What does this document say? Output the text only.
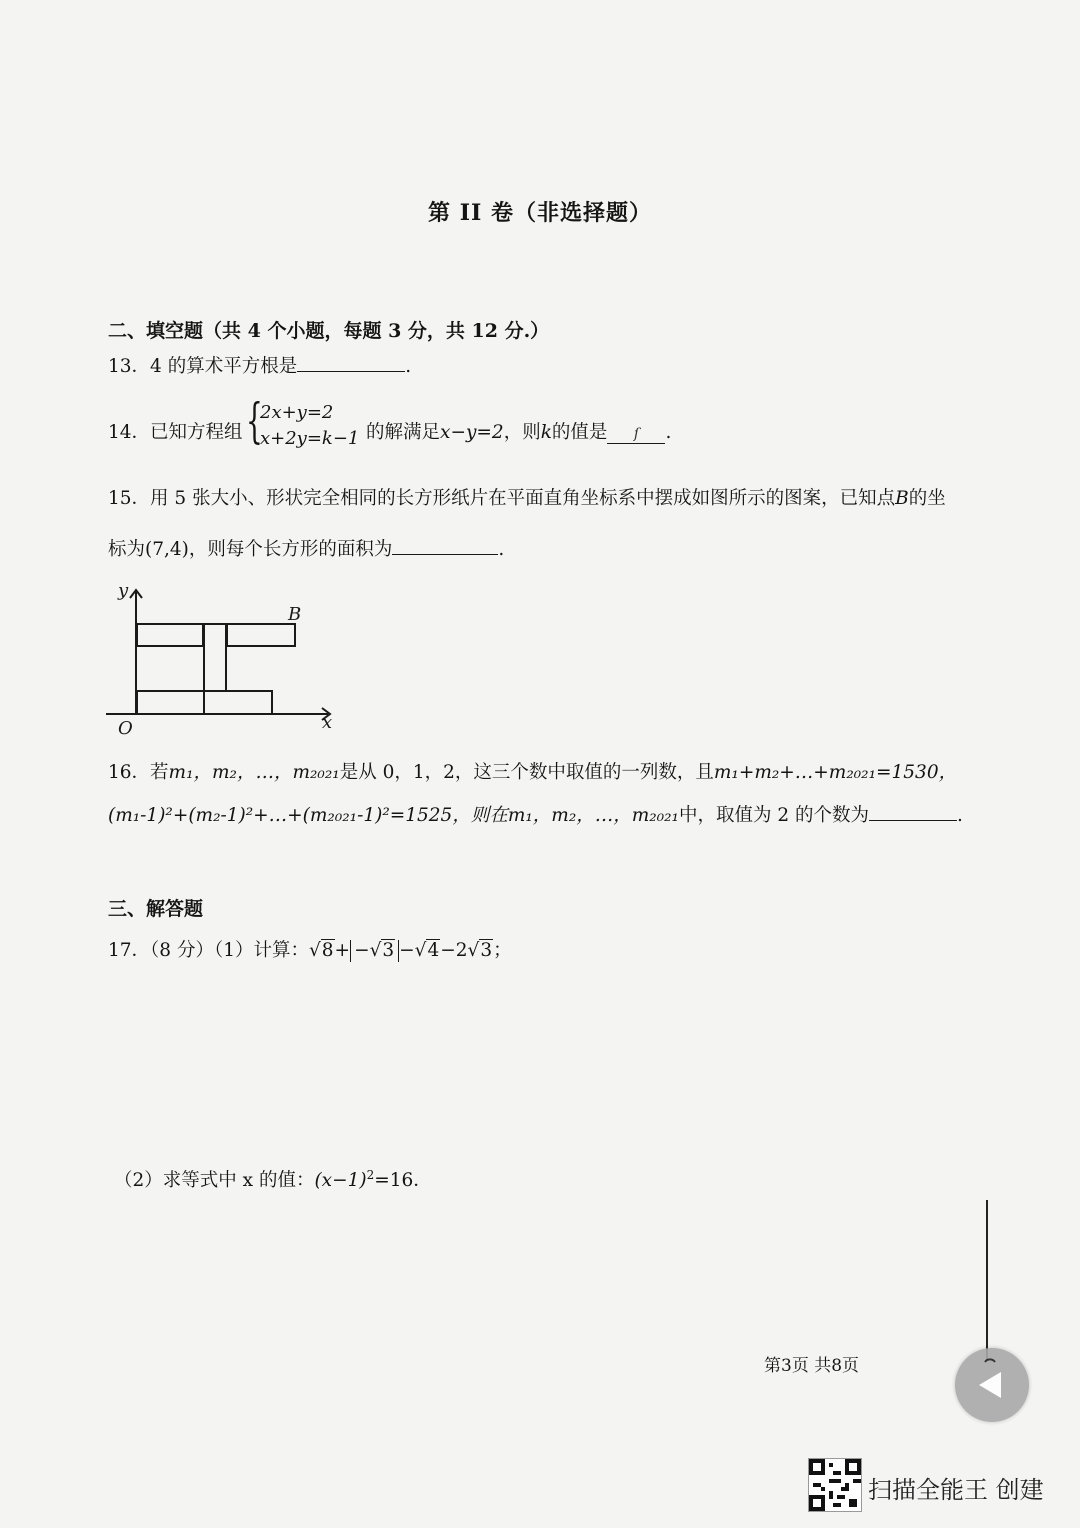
第 II 卷（非选择题）
二、填空题（共 4 个小题，每题 3 分，共 12 分.）
13．4 的算术平方根是	.
14．已知方程组 {
2x+y=2
x+2y=k−1 的解满足x−y=2，则k的值是 ſ .
15．用 5 张大小、形状完全相同的长方形纸片在平面直角坐标系中摆成如图所示的图案，已知点B的坐
标为(7,4)，则每个长方形的面积为	.
y
x
O
B
16．若m₁，m₂，…，m₂₀₂₁是从 0，1，2，这三个数中取值的一列数，且m₁+m₂+…+m₂₀₂₁=1530，
(m₁-1)²+(m₂-1)²+…+(m₂₀₂₁-1)²=1525，则在m₁，m₂，…，m₂₀₂₁中，取值为 2 的个数为	.
三、解答题
17．（8 分）（1）计算：√8+ −√3 −√4−2√3；
（2）求等式中 x 的值：$(x-1)^2=16$．
第3页 共8页
扫描全能王 创建
